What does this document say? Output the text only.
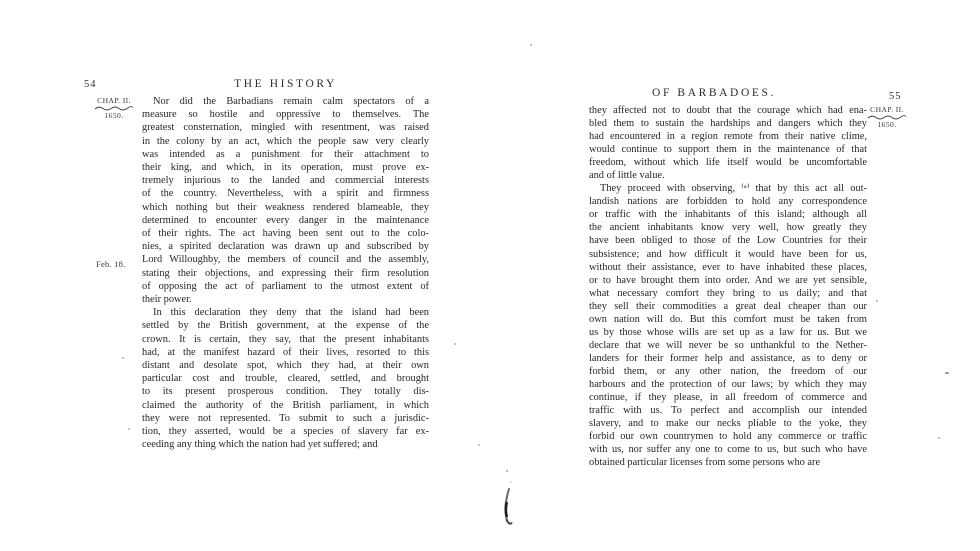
54	THE HISTORY
CHAP. II.
1650.
Feb. 18.
Nor did the Barbadians remain calm spectators of a
measure so hostile and oppressive to themselves. The
greatest consternation, mingled with resentment, was raised
in the colony by an act, which the people saw very clearly
was intended as a punishment for their attachment to
their king, and which, in its operation, must prove ex-
tremely injurious to the landed and commercial interests
of the country. Nevertheless, with a spirit and firmness
which nothing but their weakness rendered blameable, they
determined to encounter every danger in the maintenance
of their rights. The act having been sent out to the colo-
nies, a spirited declaration was drawn up and subscribed by
Lord Willoughby, the members of council and the assembly,
stating their objections, and expressing their firm resolution
of opposing the act of parliament to the utmost extent of
their power.
In this declaration they deny that the island had been
settled by the British government, at the expense of the
crown. It is certain, they say, that the present inhabitants
had, at the manifest hazard of their lives, resorted to this
distant and desolate spot, which they had, at their own
particular cost and trouble, cleared, settled, and brought
to its present prosperous condition. They totally dis-
claimed the authority of the British parliament, in which
they were not represented. To submit to such a jurisdic-
tion, they asserted, would be a species of slavery far ex-
ceeding any thing which the nation had yet suffered; and
OF BARBADOES.	55
CHAP. II.
1650.
they affected not to doubt that the courage which had ena-
bled them to sustain the hardships and dangers which they
had encountered in a region remote from their native clime,
would continue to support them in the maintenance of that
freedom, without which life itself would be uncomfortable
and of little value.
They proceed with observing, ⁽ᵃ⁾ that by this act all out-
landish nations are forbidden to hold any correspondence
or traffic with the inhabitants of this island; although all
the ancient inhabitants know very well, how greatly they
have been obliged to those of the Low Countries for their
subsistence; and how difficult it would have been for us,
without their assistance, ever to have inhabited these places,
or to have brought them into order. And we are yet sensible,
what necessary comfort they bring to us daily; and that
they sell their commodities a great deal cheaper than our
own nation will do. But this comfort must be taken from
us by those whose wills are set up as a law for us. But we
declare that we will never be so unthankful to the Nether-
landers for their former help and assistance, as to deny or
forbid them, or any other nation, the freedom of our
harbours and the protection of our laws; by which they may
continue, if they please, in all freedom of commerce and
traffic with us. To perfect and accomplish our intended
slavery, and to make our necks pliable to the yoke, they
forbid our own countrymen to hold any commerce or traffic
with us, nor suffer any one to come to us, but such who have
obtained particular licenses from some persons who are
